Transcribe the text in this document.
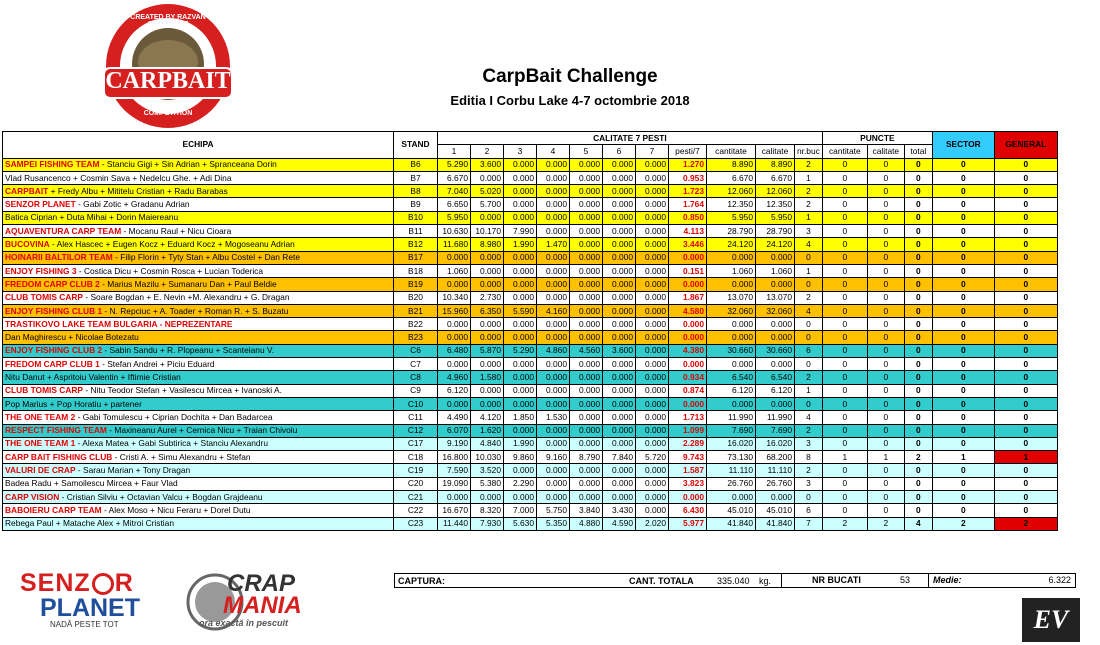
CREATED BY RAZVAN GHEORGHE
CARPBAIT
COMPETITION
CarpBait Challenge
Editia I Corbu Lake 4-7 octombrie 2018
ECHIPA	STAND	CALITATE 7 PESTI											PUNCTE			SECTOR	GENERAL
		1	2	3	4	5	6	7	pesti/7	cantitate	calitate	nr.buc	cantitate	calitate	total		
SAMPEI FISHING TEAM - Stanciu Gigi + Sin Adrian + Spranceana Dorin	B6	5.290	3.600	0.000	0.000	0.000	0.000	0.000	1.270	8.890	8.890	2	0	0	0	0	0
Vlad Rusancenco + Cosmin Sava + Nedelcu Ghe. + Adi Dina	B7	6.670	0.000	0.000	0.000	0.000	0.000	0.000	0.953	6.670	6.670	1	0	0	0	0	0
CARPBAIT + Fredy Albu + Mititelu Cristian + Radu Barabas	B8	7.040	5.020	0.000	0.000	0.000	0.000	0.000	1.723	12.060	12.060	2	0	0	0	0	0
SENZOR PLANET - Gabi Zotic + Gradanu Adrian	B9	6.650	5.700	0.000	0.000	0.000	0.000	0.000	1.764	12.350	12.350	2	0	0	0	0	0
Batica Ciprian + Duta Mihai + Dorin Maiereanu	B10	5.950	0.000	0.000	0.000	0.000	0.000	0.000	0.850	5.950	5.950	1	0	0	0	0	0
AQUAVENTURA CARP TEAM - Mocanu Raul + Nicu Cioara	B11	10.630	10.170	7.990	0.000	0.000	0.000	0.000	4.113	28.790	28.790	3	0	0	0	0	0
BUCOVINA - Alex Hascec + Eugen Kocz + Eduard Kocz + Mogoseanu Adrian	B12	11.680	8.980	1.990	1.470	0.000	0.000	0.000	3.446	24.120	24.120	4	0	0	0	0	0
HOINARII BALTILOR TEAM - Filip Florin + Tyty Stan + Albu Costel + Dan Rete	B17	0.000	0.000	0.000	0.000	0.000	0.000	0.000	0.000	0.000	0.000	0	0	0	0	0	0
ENJOY FISHING 3 - Costica Dicu + Cosmin Rosca + Lucian Toderica	B18	1.060	0.000	0.000	0.000	0.000	0.000	0.000	0.151	1.060	1.060	1	0	0	0	0	0
FREDOM CARP CLUB 2 - Marius Mazilu + Sumanaru Dan + Paul Beldie	B19	0.000	0.000	0.000	0.000	0.000	0.000	0.000	0.000	0.000	0.000	0	0	0	0	0	0
CLUB TOMIS CARP - Soare Bogdan + E. Nevin +M. Alexandru + G. Dragan	B20	10.340	2.730	0.000	0.000	0.000	0.000	0.000	1.867	13.070	13.070	2	0	0	0	0	0
ENJOY FISHING CLUB 1 - N. Repciuc + A. Toader + Roman R. + S. Buzatu	B21	15.960	6.350	5.590	4.160	0.000	0.000	0.000	4.580	32.060	32.060	4	0	0	0	0	0
TRASTIKOVO LAKE TEAM BULGARIA - NEPREZENTARE	B22	0.000	0.000	0.000	0.000	0.000	0.000	0.000	0.000	0.000	0.000	0	0	0	0	0	0
Dan Maghirescu + Nicolae Botezatu	B23	0.000	0.000	0.000	0.000	0.000	0.000	0.000	0.000	0.000	0.000	0	0	0	0	0	0
ENJOY FISHING CLUB 2 - Sabin Sandu + R. Plopeanu + Scanteianu V.	C6	6.480	5.870	5.290	4.860	4.560	3.600	0.000	4.380	30.660	30.660	6	0	0	0	0	0
FREDOM CARP CLUB 1 - Stefan Andrei + Piciu Eduard	C7	0.000	0.000	0.000	0.000	0.000	0.000	0.000	0.000	0.000	0.000	0	0	0	0	0	0
Nitu Danut + Aspritoiu Valentin + Iftimie Cristian	C8	4.960	1.580	0.000	0.000	0.000	0.000	0.000	0.934	6.540	6.540	2	0	0	0	0	0
CLUB TOMIS CARP - Nitu Teodor Stefan + Vasilescu Mircea + Ivanoski A.	C9	6.120	0.000	0.000	0.000	0.000	0.000	0.000	0.874	6.120	6.120	1	0	0	0	0	0
Pop Marius + Pop Horatiu + partener	C10	0.000	0.000	0.000	0.000	0.000	0.000	0.000	0.000	0.000	0.000	0	0	0	0	0	0
THE ONE TEAM 2 - Gabi Tomulescu + Ciprian Dochita + Dan Badarcea	C11	4.490	4.120	1.850	1.530	0.000	0.000	0.000	1.713	11.990	11.990	4	0	0	0	0	0
RESPECT FISHING TEAM - Maxineanu Aurel + Cernica Nicu + Traian Chivoiu	C12	6.070	1.620	0.000	0.000	0.000	0.000	0.000	1.099	7.690	7.690	2	0	0	0	0	0
THE ONE TEAM 1 - Alexa Matea + Gabi Subtirica + Stanciu Alexandru	C17	9.190	4.840	1.990	0.000	0.000	0.000	0.000	2.289	16.020	16.020	3	0	0	0	0	0
CARP BAIT FISHING CLUB - Cristi A. + Simu Alexandru + Stefan	C18	16.800	10.030	9.860	9.160	8.790	7.840	5.720	9.743	73.130	68.200	8	1	1	2	1	1
VALURI DE CRAP - Sarau Marian + Tony Dragan	C19	7.590	3.520	0.000	0.000	0.000	0.000	0.000	1.587	11.110	11.110	2	0	0	0	0	0
Badea Radu + Samoilescu Mircea + Faur Vlad	C20	19.090	5.380	2.290	0.000	0.000	0.000	0.000	3.823	26.760	26.760	3	0	0	0	0	0
CARP VISION - Cristian Silviu + Octavian Valcu + Bogdan Grajdeanu	C21	0.000	0.000	0.000	0.000	0.000	0.000	0.000	0.000	0.000	0.000	0	0	0	0	0	0
BABOIERU CARP TEAM - Alex Moso + Nicu Feraru + Dorel Dutu	C22	16.670	8.320	7.000	5.750	3.840	3.430	0.000	6.430	45.010	45.010	6	0	0	0	0	0
Rebega Paul + Matache Alex + Mitroi Cristian	C23	11.440	7.930	5.630	5.350	4.880	4.590	2.020	5.977	41.840	41.840	7	2	2	4	2	2
CAPTURA:	CANT. TOTALA	335.040 kg.	NR BUCATI	53	Medie:	6.322
SENZ R
PLANET
NADĂ PESTE TOT
CRAP
MANIA
ora exactă în pescuit	EV
